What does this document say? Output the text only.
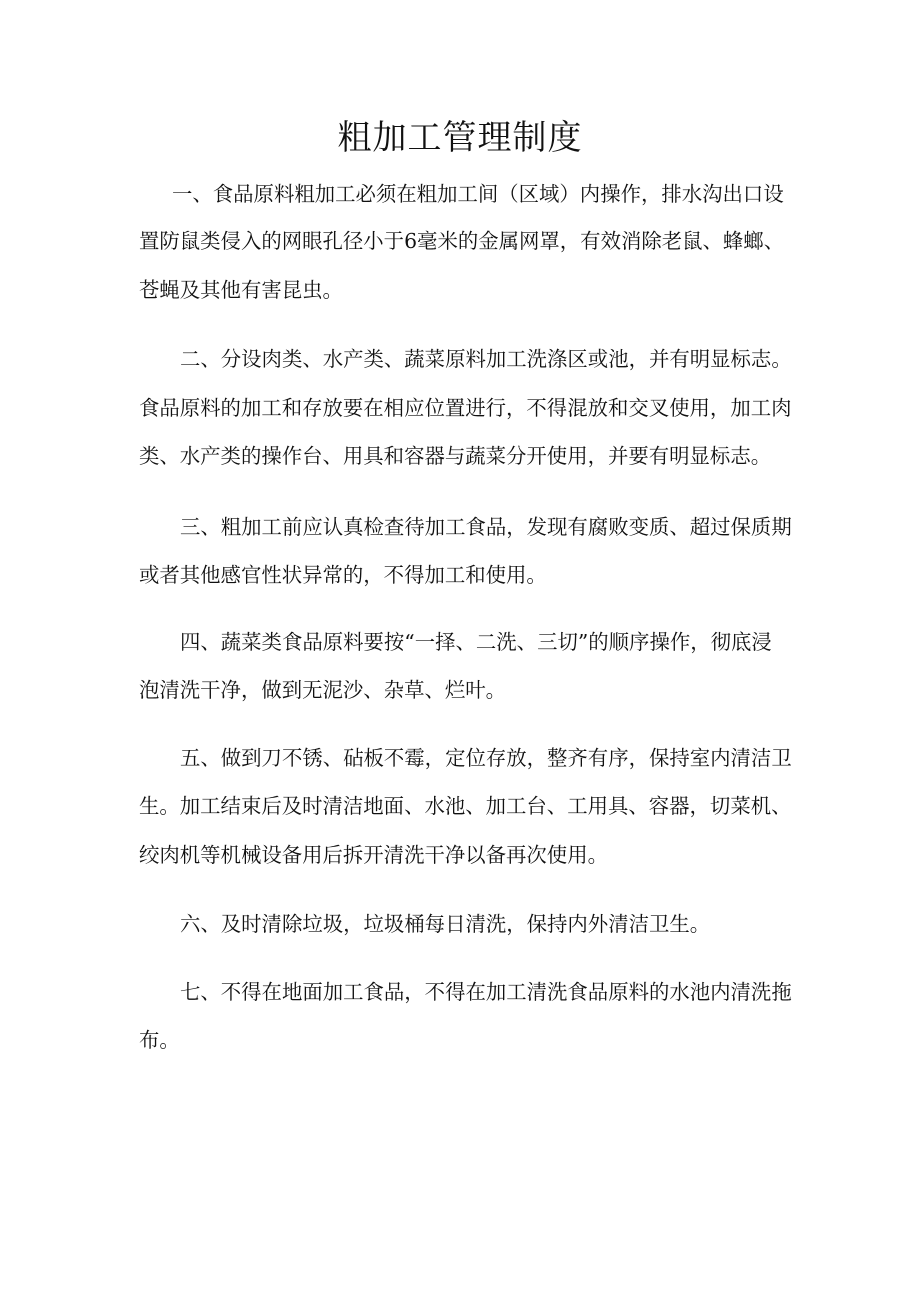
粗加工管理制度

一、食品原料粗加工必须在粗加工间（区域）内操作，排水沟出口设

置防鼠类侵入的网眼孔径小于6毫米的金属网罩，有效消除老鼠、蜂螂、

苍蝇及其他有害昆虫。

二、分设肉类、水产类、蔬菜原料加工洗涤区或池，并有明显标志。

食品原料的加工和存放要在相应位置进行，不得混放和交叉使用，加工肉

类、水产类的操作台、用具和容器与蔬菜分开使用，并要有明显标志。

三、粗加工前应认真检查待加工食品，发现有腐败变质、超过保质期

或者其他感官性状异常的，不得加工和使用。

四、蔬菜类食品原料要按“一择、二洗、三切”的顺序操作，彻底浸

泡清洗干净，做到无泥沙、杂草、烂叶。

五、做到刀不锈、砧板不霉，定位存放，整齐有序，保持室内清洁卫

生。加工结束后及时清洁地面、水池、加工台、工用具、容器，切菜机、

绞肉机等机械设备用后拆开清洗干净以备再次使用。

六、及时清除垃圾，垃圾桶每日清洗，保持内外清洁卫生。

七、不得在地面加工食品，不得在加工清洗食品原料的水池内清洗拖

布。
